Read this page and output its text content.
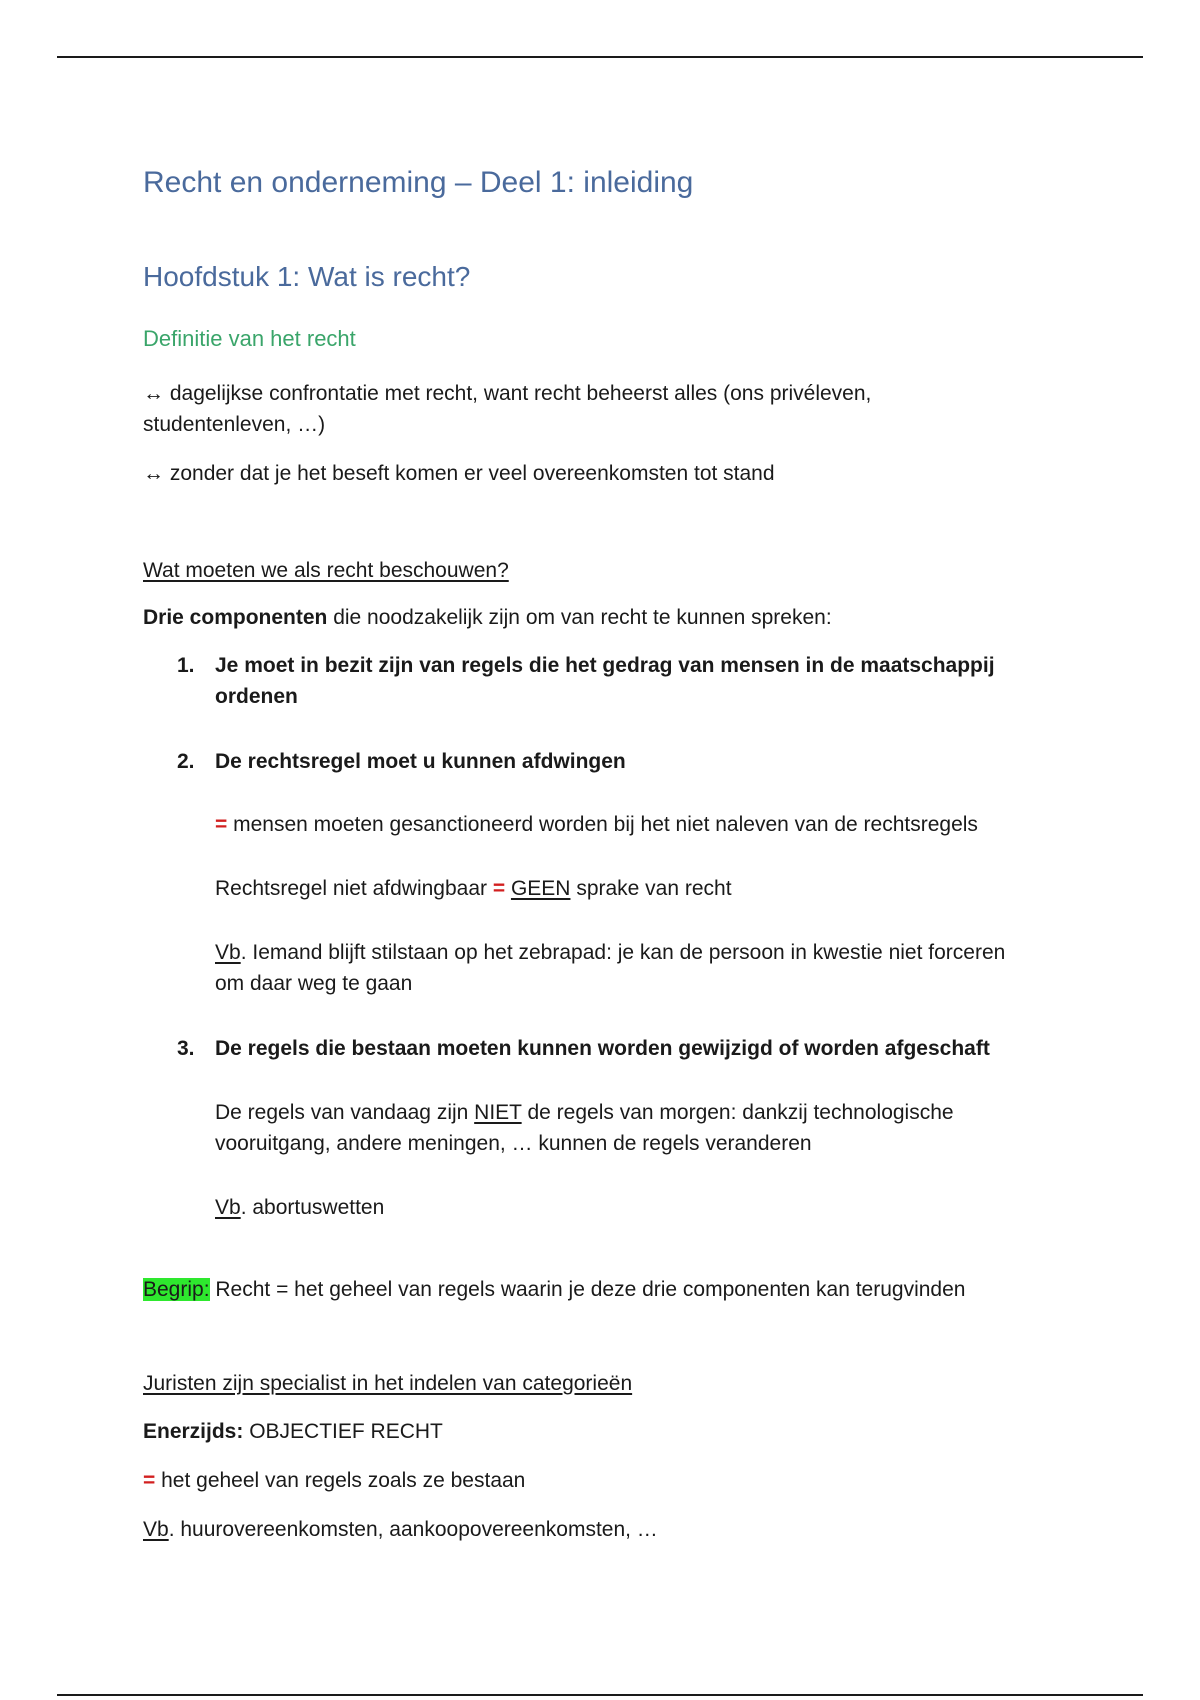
Recht en onderneming – Deel 1: inleiding
Hoofdstuk 1: Wat is recht?
Definitie van het recht
↔ dagelijkse confrontatie met recht, want recht beheerst alles (ons privéleven,
studentenleven, …)
↔ zonder dat je het beseft komen er veel overeenkomsten tot stand
Wat moeten we als recht beschouwen?
Drie componenten die noodzakelijk zijn om van recht te kunnen spreken:
1. Je moet in bezit zijn van regels die het gedrag van mensen in de maatschappij
ordenen
2. De rechtsregel moet u kunnen afdwingen
= mensen moeten gesanctioneerd worden bij het niet naleven van de rechtsregels
Rechtsregel niet afdwingbaar = GEEN sprake van recht
Vb. Iemand blijft stilstaan op het zebrapad: je kan de persoon in kwestie niet forceren
om daar weg te gaan
3. De regels die bestaan moeten kunnen worden gewijzigd of worden afgeschaft
De regels van vandaag zijn NIET de regels van morgen: dankzij technologische
vooruitgang, andere meningen, … kunnen de regels veranderen
Vb. abortuswetten
Begrip: Recht = het geheel van regels waarin je deze drie componenten kan terugvinden
Juristen zijn specialist in het indelen van categorieën
Enerzijds: OBJECTIEF RECHT
= het geheel van regels zoals ze bestaan
Vb. huurovereenkomsten, aankoopovereenkomsten, …
